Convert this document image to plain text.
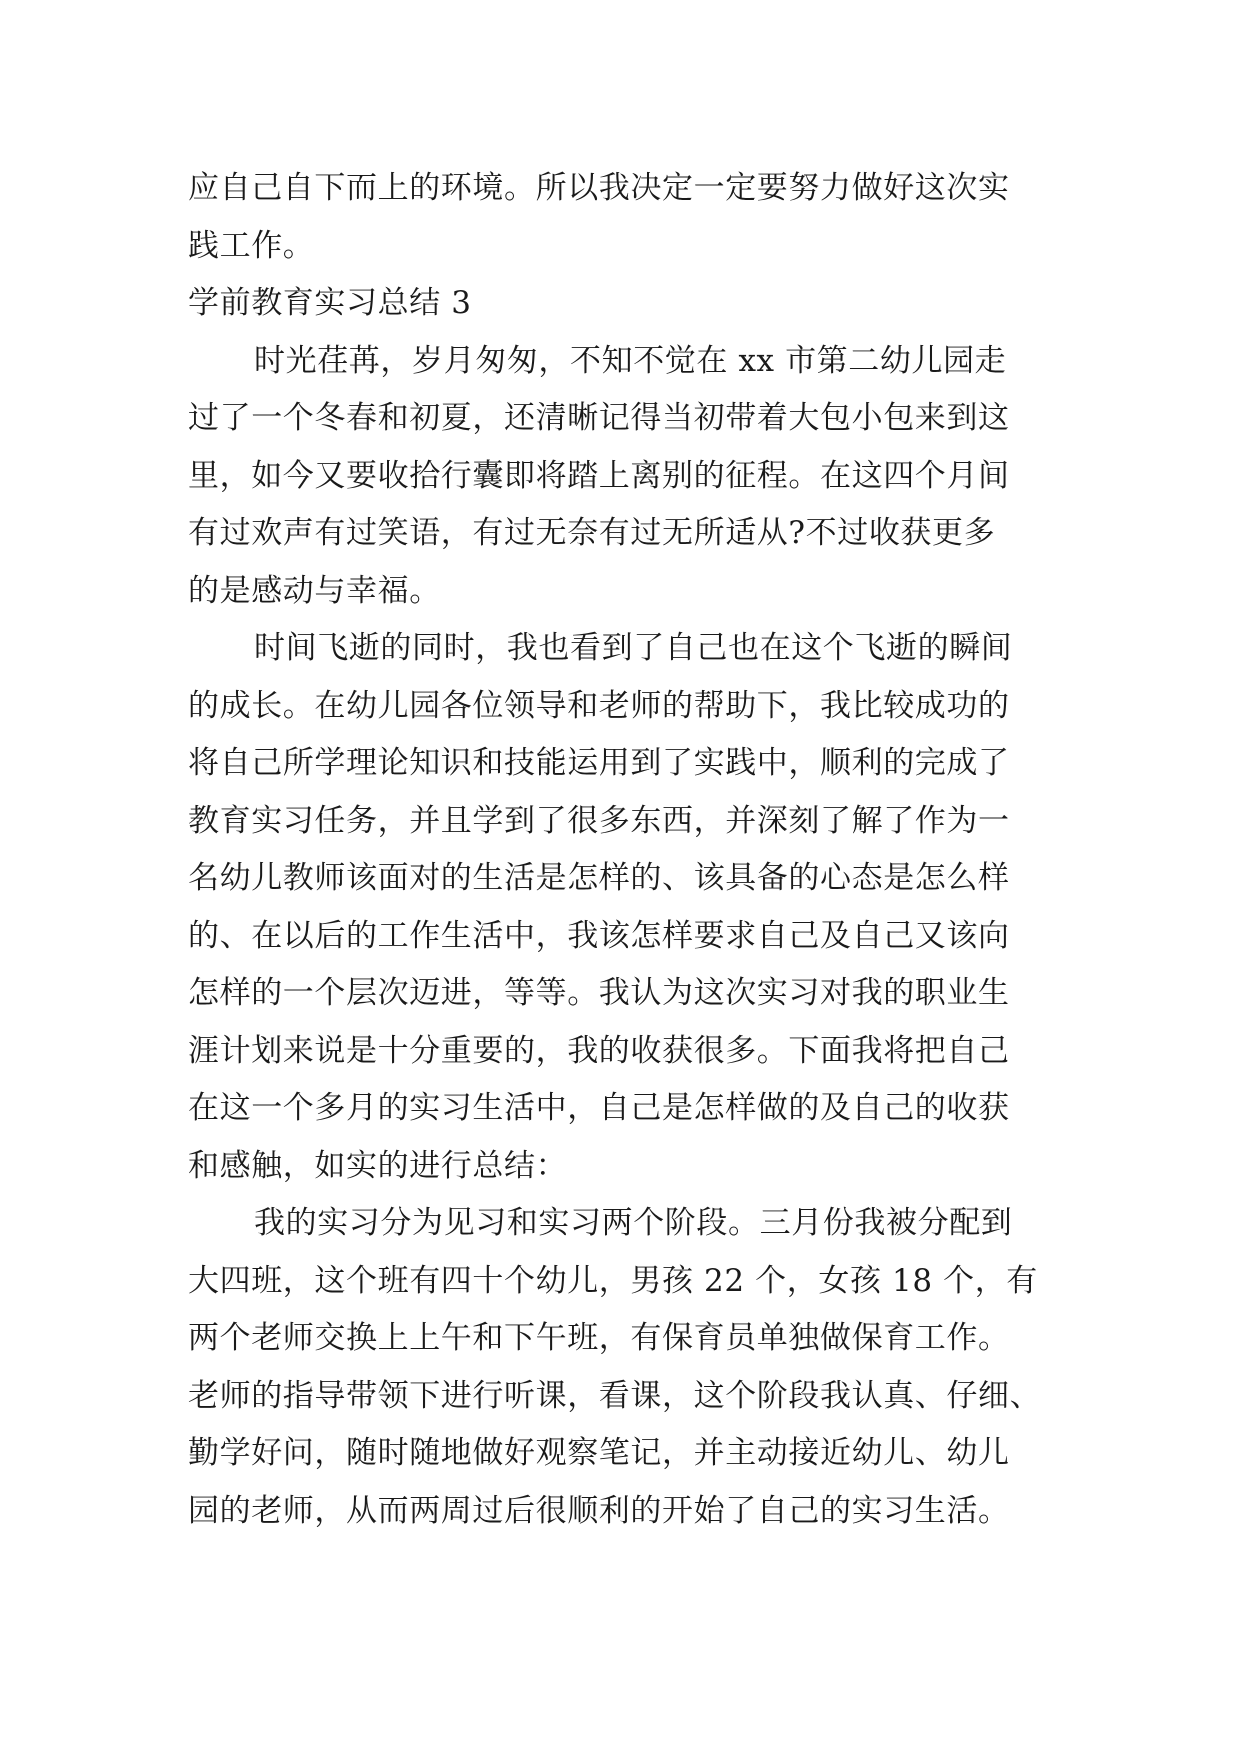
应自己自下而上的环境。所以我决定一定要努力做好这次实
践工作。
学前教育实习总结 3
时光荏苒，岁月匆匆，不知不觉在 xx 市第二幼儿园走
过了一个冬春和初夏，还清晰记得当初带着大包小包来到这
里，如今又要收拾行囊即将踏上离别的征程。在这四个月间
有过欢声有过笑语，有过无奈有过无所适从?不过收获更多
的是感动与幸福。
时间飞逝的同时，我也看到了自己也在这个飞逝的瞬间
的成长。在幼儿园各位领导和老师的帮助下，我比较成功的
将自己所学理论知识和技能运用到了实践中，顺利的完成了
教育实习任务，并且学到了很多东西，并深刻了解了作为一
名幼儿教师该面对的生活是怎样的、该具备的心态是怎么样
的、在以后的工作生活中，我该怎样要求自己及自己又该向
怎样的一个层次迈进，等等。我认为这次实习对我的职业生
涯计划来说是十分重要的，我的收获很多。下面我将把自己
在这一个多月的实习生活中，自己是怎样做的及自己的收获
和感触，如实的进行总结：
我的实习分为见习和实习两个阶段。三月份我被分配到
大四班，这个班有四十个幼儿，男孩 22 个，女孩 18 个，有
两个老师交换上上午和下午班，有保育员单独做保育工作。
老师的指导带领下进行听课，看课，这个阶段我认真、仔细、
勤学好问，随时随地做好观察笔记，并主动接近幼儿、幼儿
园的老师，从而两周过后很顺利的开始了自己的实习生活。
